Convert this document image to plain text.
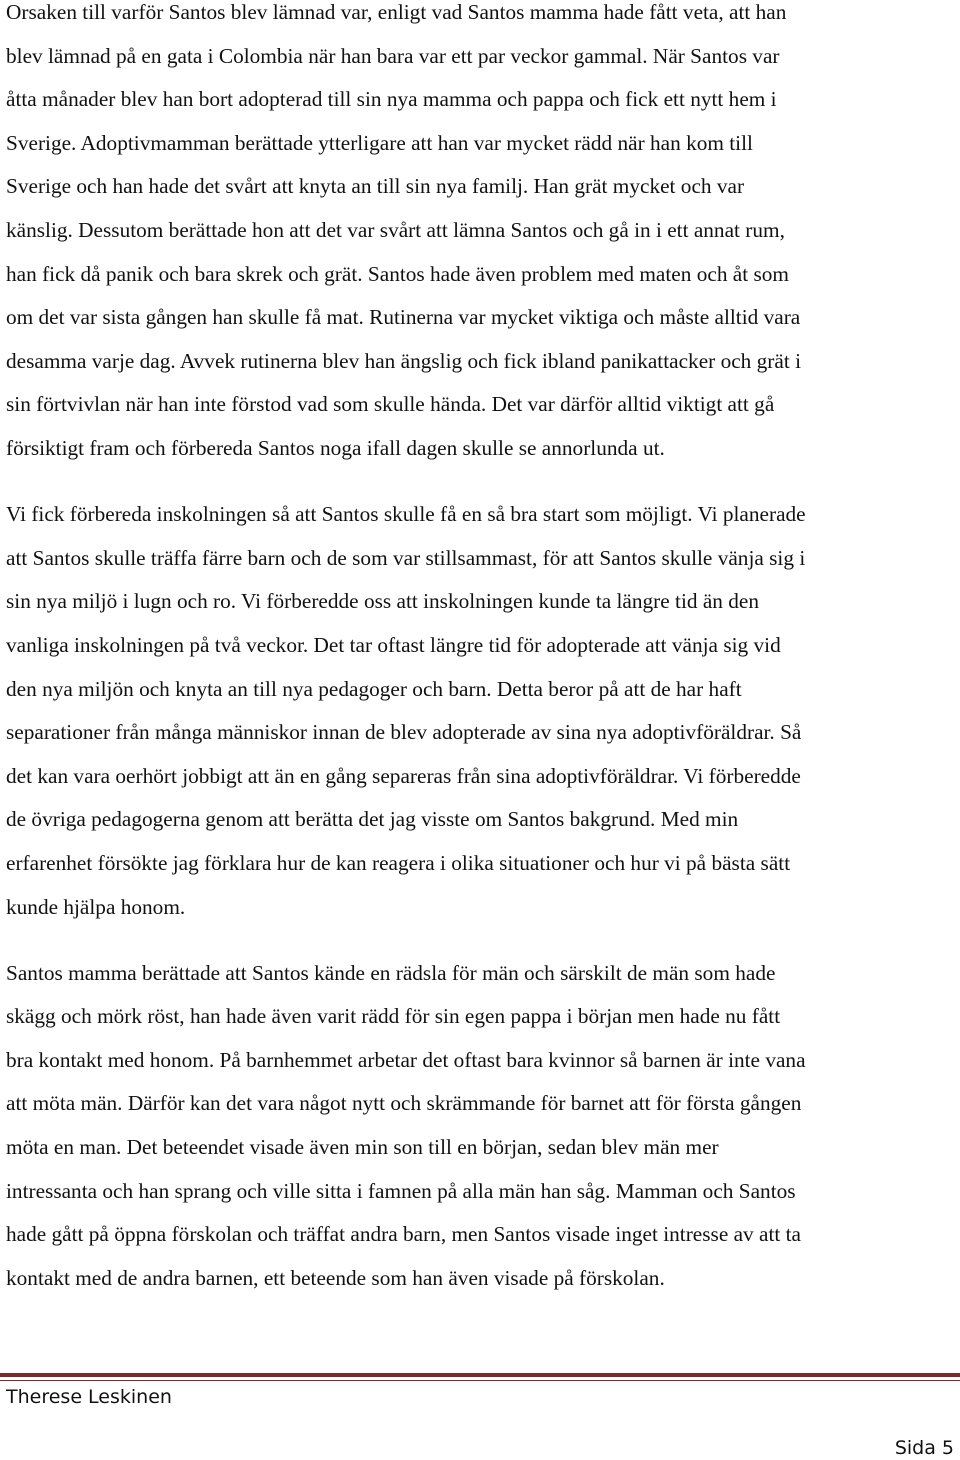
Orsaken till varför Santos blev lämnad var, enligt vad Santos mamma hade fått veta, att han

blev lämnad på en gata i Colombia när han bara var ett par veckor gammal. När Santos var

åtta månader blev han bort adopterad till sin nya mamma och pappa och fick ett nytt hem i

Sverige. Adoptivmamman berättade ytterligare att han var mycket rädd när han kom till

Sverige och han hade det svårt att knyta an till sin nya familj. Han grät mycket och var

känslig. Dessutom berättade hon att det var svårt att lämna Santos och gå in i ett annat rum,

han fick då panik och bara skrek och grät. Santos hade även problem med maten och åt som

om det var sista gången han skulle få mat. Rutinerna var mycket viktiga och måste alltid vara

desamma varje dag. Avvek rutinerna blev han ängslig och fick ibland panikattacker och grät i

sin förtvivlan när han inte förstod vad som skulle hända. Det var därför alltid viktigt att gå

försiktigt fram och förbereda Santos noga ifall dagen skulle se annorlunda ut.

Vi fick förbereda inskolningen så att Santos skulle få en så bra start som möjligt. Vi planerade

att Santos skulle träffa färre barn och de som var stillsammast, för att Santos skulle vänja sig i

sin nya miljö i lugn och ro. Vi förberedde oss att inskolningen kunde ta längre tid än den

vanliga inskolningen på två veckor. Det tar oftast längre tid för adopterade att vänja sig vid

den nya miljön och knyta an till nya pedagoger och barn. Detta beror på att de har haft

separationer från många människor innan de blev adopterade av sina nya adoptivföräldrar. Så

det kan vara oerhört jobbigt att än en gång separeras från sina adoptivföräldrar. Vi förberedde

de övriga pedagogerna genom att berätta det jag visste om Santos bakgrund. Med min

erfarenhet försökte jag förklara hur de kan reagera i olika situationer och hur vi på bästa sätt

kunde hjälpa honom.

Santos mamma berättade att Santos kände en rädsla för män och särskilt de män som hade

skägg och mörk röst, han hade även varit rädd för sin egen pappa i början men hade nu fått

bra kontakt med honom. På barnhemmet arbetar det oftast bara kvinnor så barnen är inte vana

att möta män. Därför kan det vara något nytt och skrämmande för barnet att för första gången

möta en man. Det beteendet visade även min son till en början, sedan blev män mer

intressanta och han sprang och ville sitta i famnen på alla män han såg. Mamman och Santos

hade gått på öppna förskolan och träffat andra barn, men Santos visade inget intresse av att ta

kontakt med de andra barnen, ett beteende som han även visade på förskolan.

Therese Leskinen
Sida 5
